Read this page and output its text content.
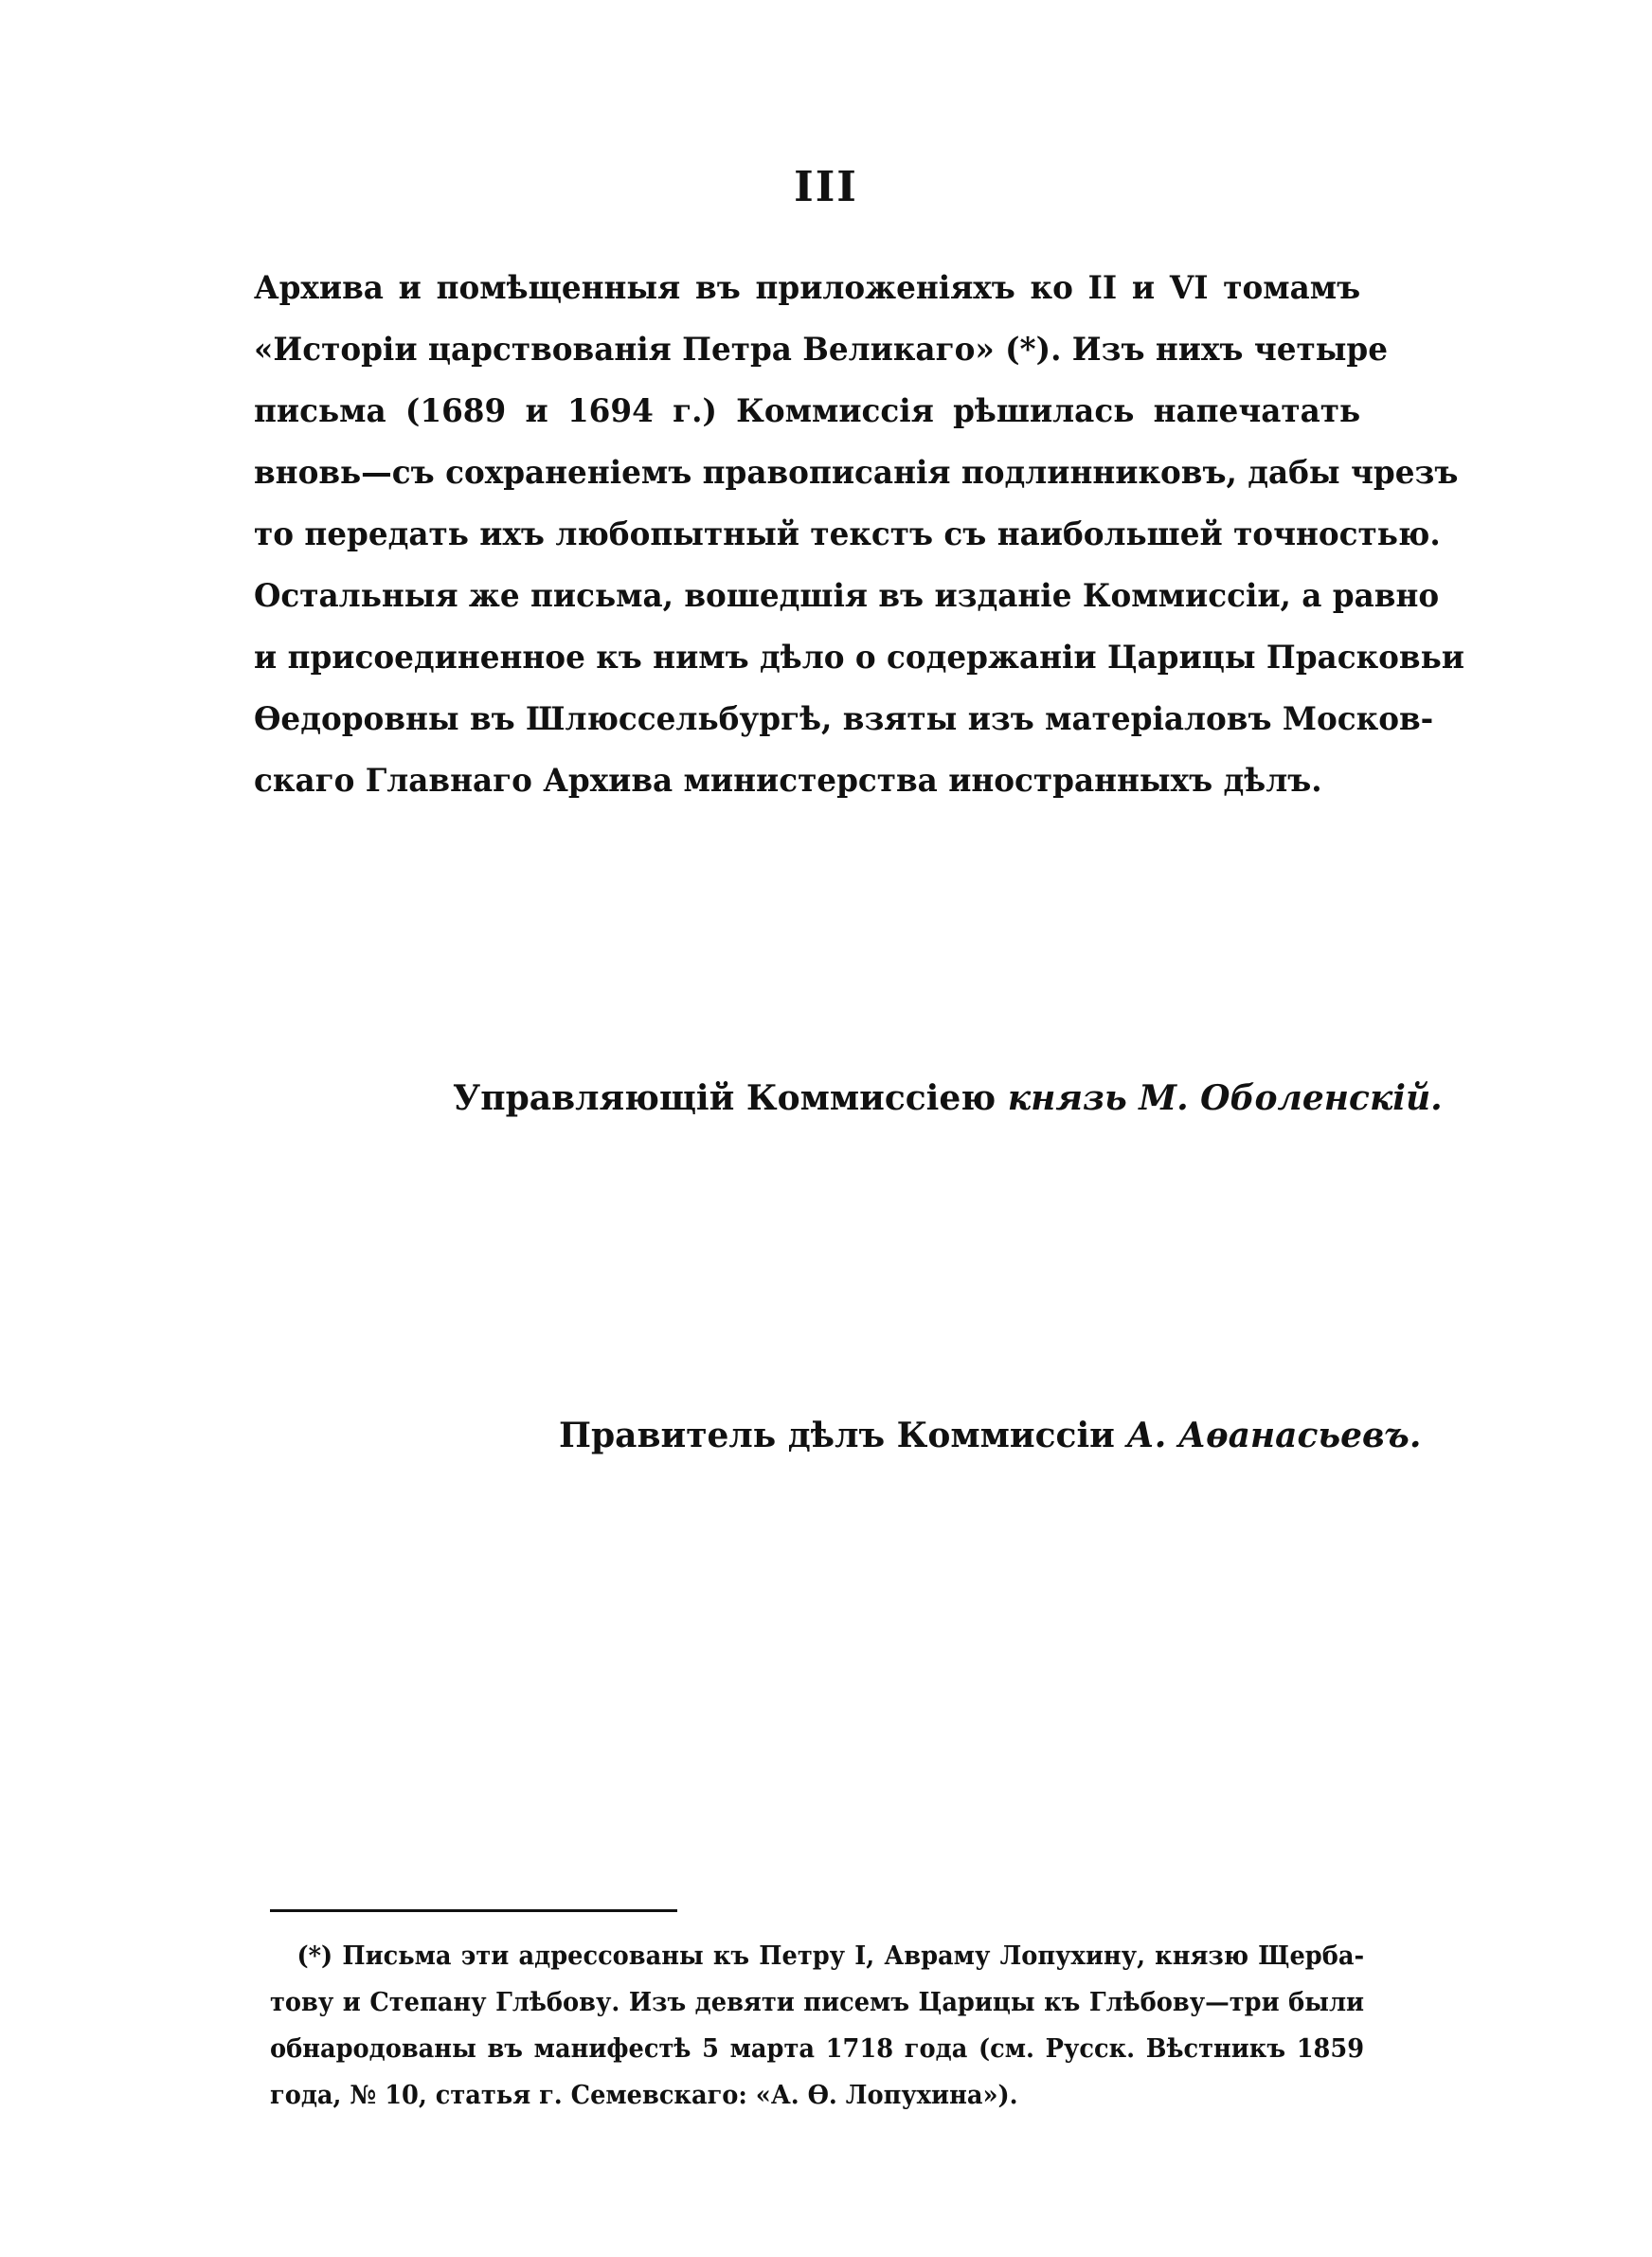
III
Архива и помѣщенныя въ приложеніяхъ ко II и VI томамъ
«Исторіи царствованія Петра Великаго» (*). Изъ нихъ четыре
письма (1689 и 1694 г.) Коммиссія рѣшилась напечатать
вновь—съ сохраненіемъ правописанія подлинниковъ, дабы чрезъ
то передать ихъ любопытный текстъ съ наибольшей точностью.
Остальныя же письма, вошедшія въ изданіе Коммиссіи, а равно
и присоединенное къ нимъ дѣло о содержаніи Царицы Прасковьи
Ѳедоровны въ Шлюссельбургѣ, взяты изъ матеріаловъ Москов-
скаго Главнаго Архива министерства иностранныхъ дѣлъ.
Управляющій Коммиссіею князь М. Оболенскій.
Правитель дѣлъ Коммиссіи А. Аѳанасьевъ.
(*) Письма эти адрессованы къ Петру I, Авраму Лопухину, князю Щерба-
тову и Степану Глѣбову. Изъ девяти писемъ Царицы къ Глѣбову—три были
обнародованы въ манифестѣ 5 марта 1718 года (см. Русск. Вѣстникъ 1859
года, № 10, статья г. Семевскаго: «А. Ѳ. Лопухина»).
